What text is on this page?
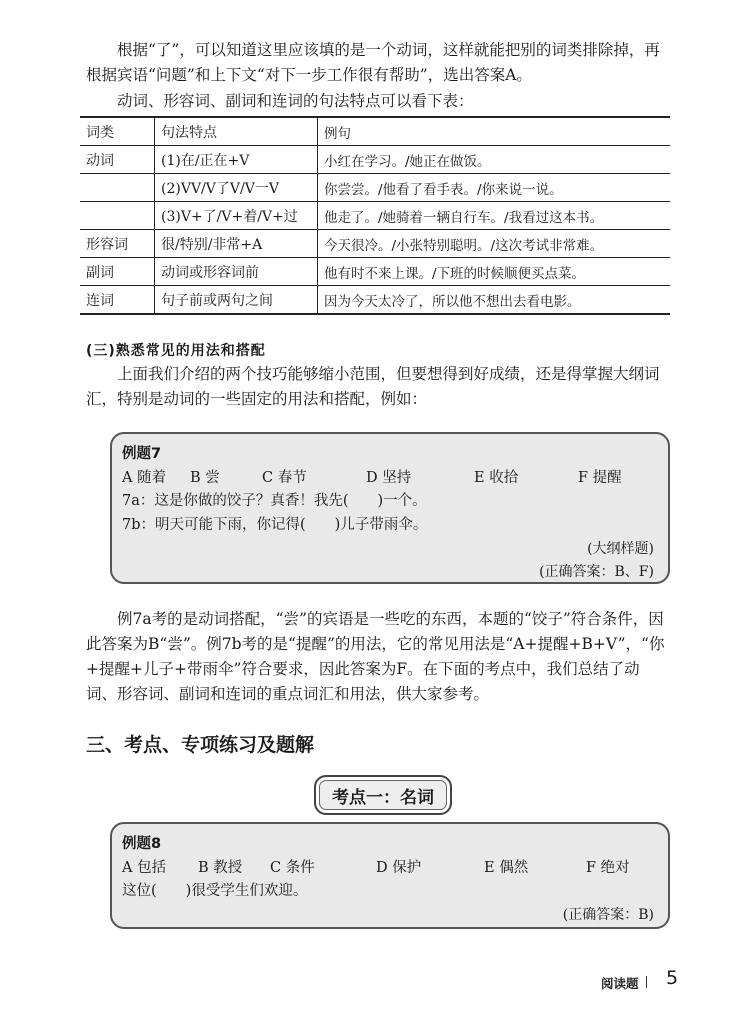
根据“了”，可以知道这里应该填的是一个动词，这样就能把别的词类排除掉，再根据宾语“问题”和上下文“对下一步工作很有帮助”，选出答案A。

动词、形容词、副词和连词的句法特点可以看下表：

词类	句法特点	例句
动词	(1)在/正在+V	小红在学习。/她正在做饭。
	(2)VV/V了V/V一V	你尝尝。/他看了看手表。/你来说一说。
	(3)V+了/V+着/V+过	他走了。/她骑着一辆自行车。/我看过这本书。
形容词	很/特别/非常+A	今天很冷。/小张特别聪明。/这次考试非常难。
副词	动词或形容词前	他有时不来上课。/下班的时候顺便买点菜。
连词	句子前或两句之间	因为今天太冷了，所以他不想出去看电影。

(三)熟悉常见的用法和搭配

上面我们介绍的两个技巧能够缩小范围，但要想得到好成绩，还是得掌握大纲词汇，特别是动词的一些固定的用法和搭配，例如：

例题7
A 随着	B 尝	C 春节	D 坚持	E 收拾	F 提醒
7a：这是你做的饺子？真香！我先(　　)一个。
7b：明天可能下雨，你记得(　　)儿子带雨伞。
(大纲样题)
(正确答案：B、F)

例7a考的是动词搭配，“尝”的宾语是一些吃的东西，本题的“饺子”符合条件，因此答案为B“尝”。例7b考的是“提醒”的用法，它的常见用法是“A+提醒+B+V”，“你+提醒+儿子+带雨伞”符合要求，因此答案为F。在下面的考点中，我们总结了动词、形容词、副词和连词的重点词汇和用法，供大家参考。

三、考点、专项练习及题解

考点一：名词
例题8
A 包括	B 教授	C 条件	D 保护	E 偶然	F 绝对
这位(　　)很受学生们欢迎。
(正确答案：B)
阅读题 5
